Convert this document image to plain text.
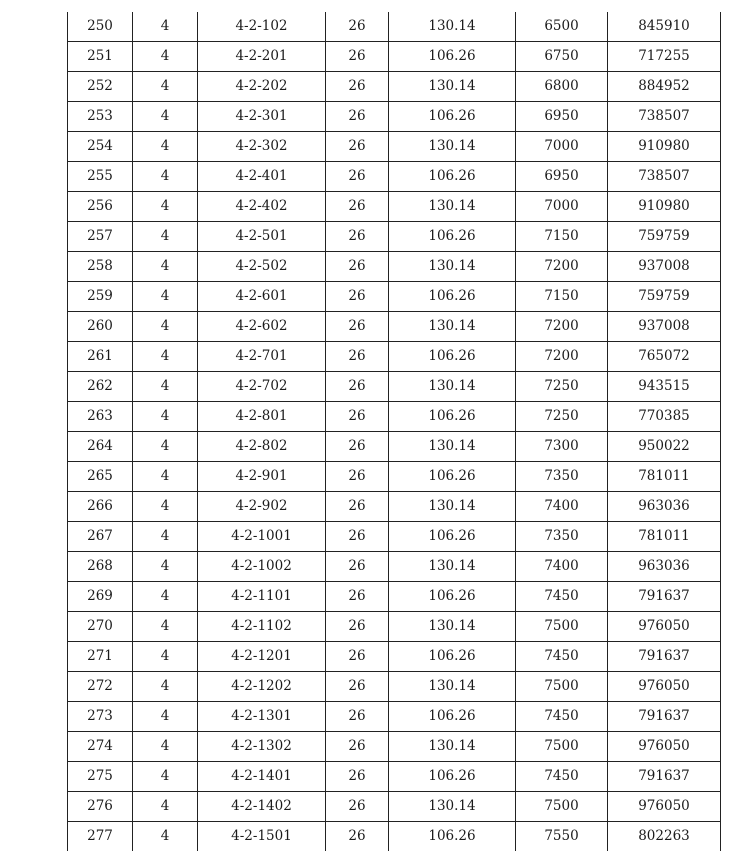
250	4	4-2-102	26	130.14	6500	845910
251	4	4-2-201	26	106.26	6750	717255
252	4	4-2-202	26	130.14	6800	884952
253	4	4-2-301	26	106.26	6950	738507
254	4	4-2-302	26	130.14	7000	910980
255	4	4-2-401	26	106.26	6950	738507
256	4	4-2-402	26	130.14	7000	910980
257	4	4-2-501	26	106.26	7150	759759
258	4	4-2-502	26	130.14	7200	937008
259	4	4-2-601	26	106.26	7150	759759
260	4	4-2-602	26	130.14	7200	937008
261	4	4-2-701	26	106.26	7200	765072
262	4	4-2-702	26	130.14	7250	943515
263	4	4-2-801	26	106.26	7250	770385
264	4	4-2-802	26	130.14	7300	950022
265	4	4-2-901	26	106.26	7350	781011
266	4	4-2-902	26	130.14	7400	963036
267	4	4-2-1001	26	106.26	7350	781011
268	4	4-2-1002	26	130.14	7400	963036
269	4	4-2-1101	26	106.26	7450	791637
270	4	4-2-1102	26	130.14	7500	976050
271	4	4-2-1201	26	106.26	7450	791637
272	4	4-2-1202	26	130.14	7500	976050
273	4	4-2-1301	26	106.26	7450	791637
274	4	4-2-1302	26	130.14	7500	976050
275	4	4-2-1401	26	106.26	7450	791637
276	4	4-2-1402	26	130.14	7500	976050
277	4	4-2-1501	26	106.26	7550	802263
